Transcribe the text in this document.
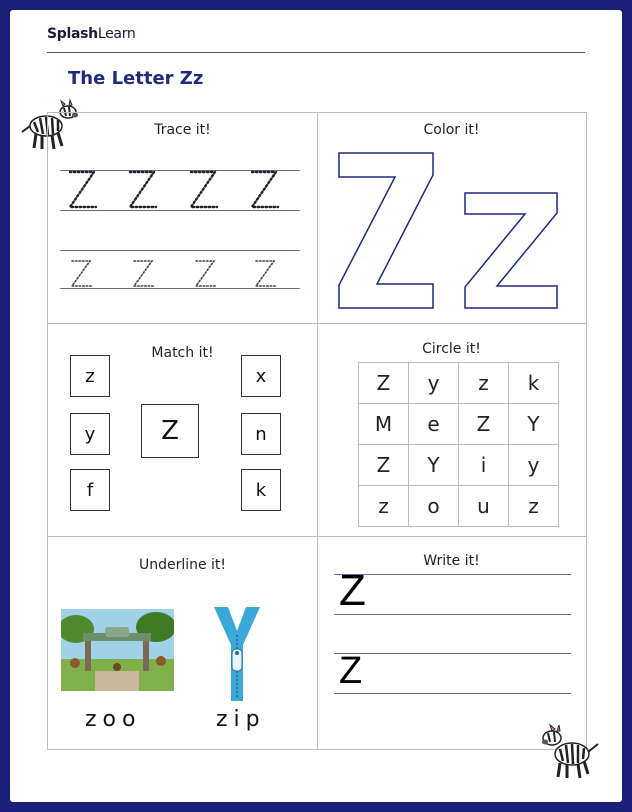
SplashLearn
The Letter Zz
Trace it!	Color it!
Match it!
z
y
f
Z
x
n
k
Circle it!
Z	y	z	k
M	e	Z	Y
Z	Y	i	y
z	o	u	z
Underline it!
zoo	zip
Write it!
Z
Z
